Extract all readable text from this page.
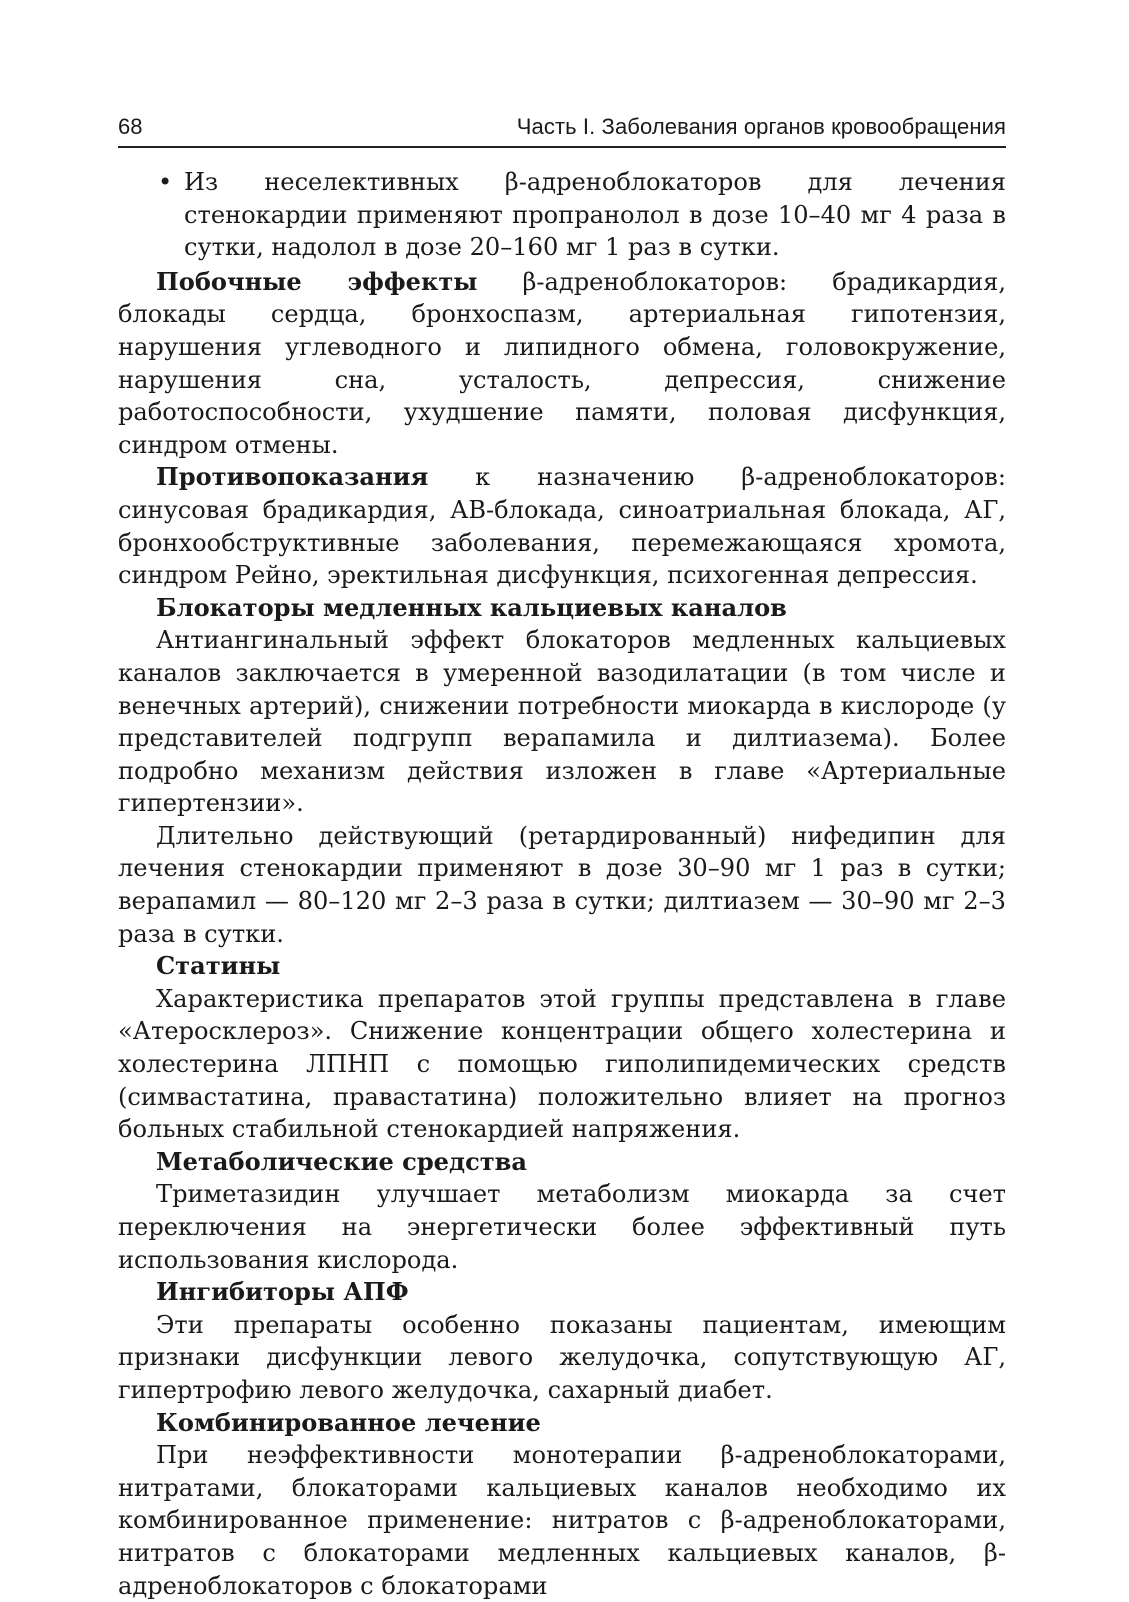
68	Часть I. Заболевания органов кровообращения
• Из неселективных β-адреноблокаторов для лечения стенокардии применяют пропранолол в дозе 10–40 мг 4 раза в сутки, надолол в дозе 20–160 мг 1 раз в сутки.

Побочные эффекты β-адреноблокаторов: брадикардия, блокады сердца, бронхоспазм, артериальная гипотензия, нарушения углеводного и липидного обмена, головокружение, нарушения сна, усталость, депрессия, снижение работоспособности, ухудшение памяти, половая дисфункция, синдром отмены.

Противопоказания к назначению β-адреноблокаторов: синусовая брадикардия, АВ-блокада, синоатриальная блокада, АГ, бронхообструктивные заболевания, перемежающаяся хромота, синдром Рейно, эректильная дисфункция, психогенная депрессия.

Блокаторы медленных кальциевых каналов

Антиангинальный эффект блокаторов медленных кальциевых каналов заключается в умеренной вазодилатации (в том числе и венечных артерий), снижении потребности миокарда в кислороде (у представителей подгрупп верапамила и дилтиазема). Более подробно механизм действия изложен в главе «Артериальные гипертензии».

Длительно действующий (ретардированный) нифедипин для лечения стенокардии применяют в дозе 30–90 мг 1 раз в сутки; верапамил — 80–120 мг 2–3 раза в сутки; дилтиазем — 30–90 мг 2–3 раза в сутки.

Статины

Характеристика препаратов этой группы представлена в главе «Атеросклероз». Снижение концентрации общего холестерина и холестерина ЛПНП с помощью гиполипидемических средств (симвастатина, правастатина) положительно влияет на прогноз больных стабильной стенокардией напряжения.

Метаболические средства

Триметазидин улучшает метаболизм миокарда за счет переключения на энергетически более эффективный путь использования кислорода.

Ингибиторы АПФ

Эти препараты особенно показаны пациентам, имеющим признаки дисфункции левого желудочка, сопутствующую АГ, гипертрофию левого желудочка, сахарный диабет.

Комбинированное лечение

При неэффективности монотерапии β-адреноблокаторами, нитратами, блокаторами кальциевых каналов необходимо их комбинированное применение: нитратов с β-адреноблокаторами, нитратов с блокаторами медленных кальциевых каналов, β-адреноблокаторов с блокаторами
